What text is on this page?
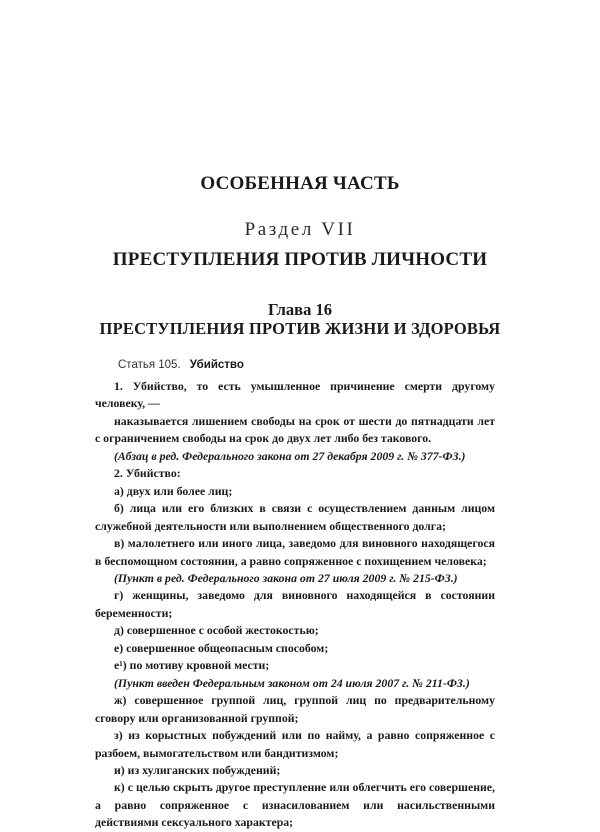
ОСОБЕННАЯ ЧАСТЬ
Раздел VII
ПРЕСТУПЛЕНИЯ ПРОТИВ ЛИЧНОСТИ
Глава 16
ПРЕСТУПЛЕНИЯ ПРОТИВ ЖИЗНИ И ЗДОРОВЬЯ
Статья 105. Убийство

1. Убийство, то есть умышленное причинение смерти другому человеку, —

наказывается лишением свободы на срок от шести до пятнадцати лет с ограничением свободы на срок до двух лет либо без такового.

(Абзац в ред. Федерального закона от 27 декабря 2009 г. № 377-ФЗ.)

2. Убийство:

а) двух или более лиц;

б) лица или его близких в связи с осуществлением данным лицом служебной деятельности или выполнением общественного долга;

в) малолетнего или иного лица, заведомо для виновного находящегося в беспомощном состоянии, а равно сопряженное с похищением человека;

(Пункт в ред. Федерального закона от 27 июля 2009 г. № 215-ФЗ.)

г) женщины, заведомо для виновного находящейся в состоянии беременности;

д) совершенное с особой жестокостью;

е) совершенное общеопасным способом;

е¹) по мотиву кровной мести;

(Пункт введен Федеральным законом от 24 июля 2007 г. № 211-ФЗ.)

ж) совершенное группой лиц, группой лиц по предварительному сговору или организованной группой;

з) из корыстных побуждений или по найму, а равно сопряженное с разбоем, вымогательством или бандитизмом;

и) из хулиганских побуждений;

к) с целью скрыть другое преступление или облегчить его совершение, а равно сопряженное с изнасилованием или насильственными действиями сексуального характера;
